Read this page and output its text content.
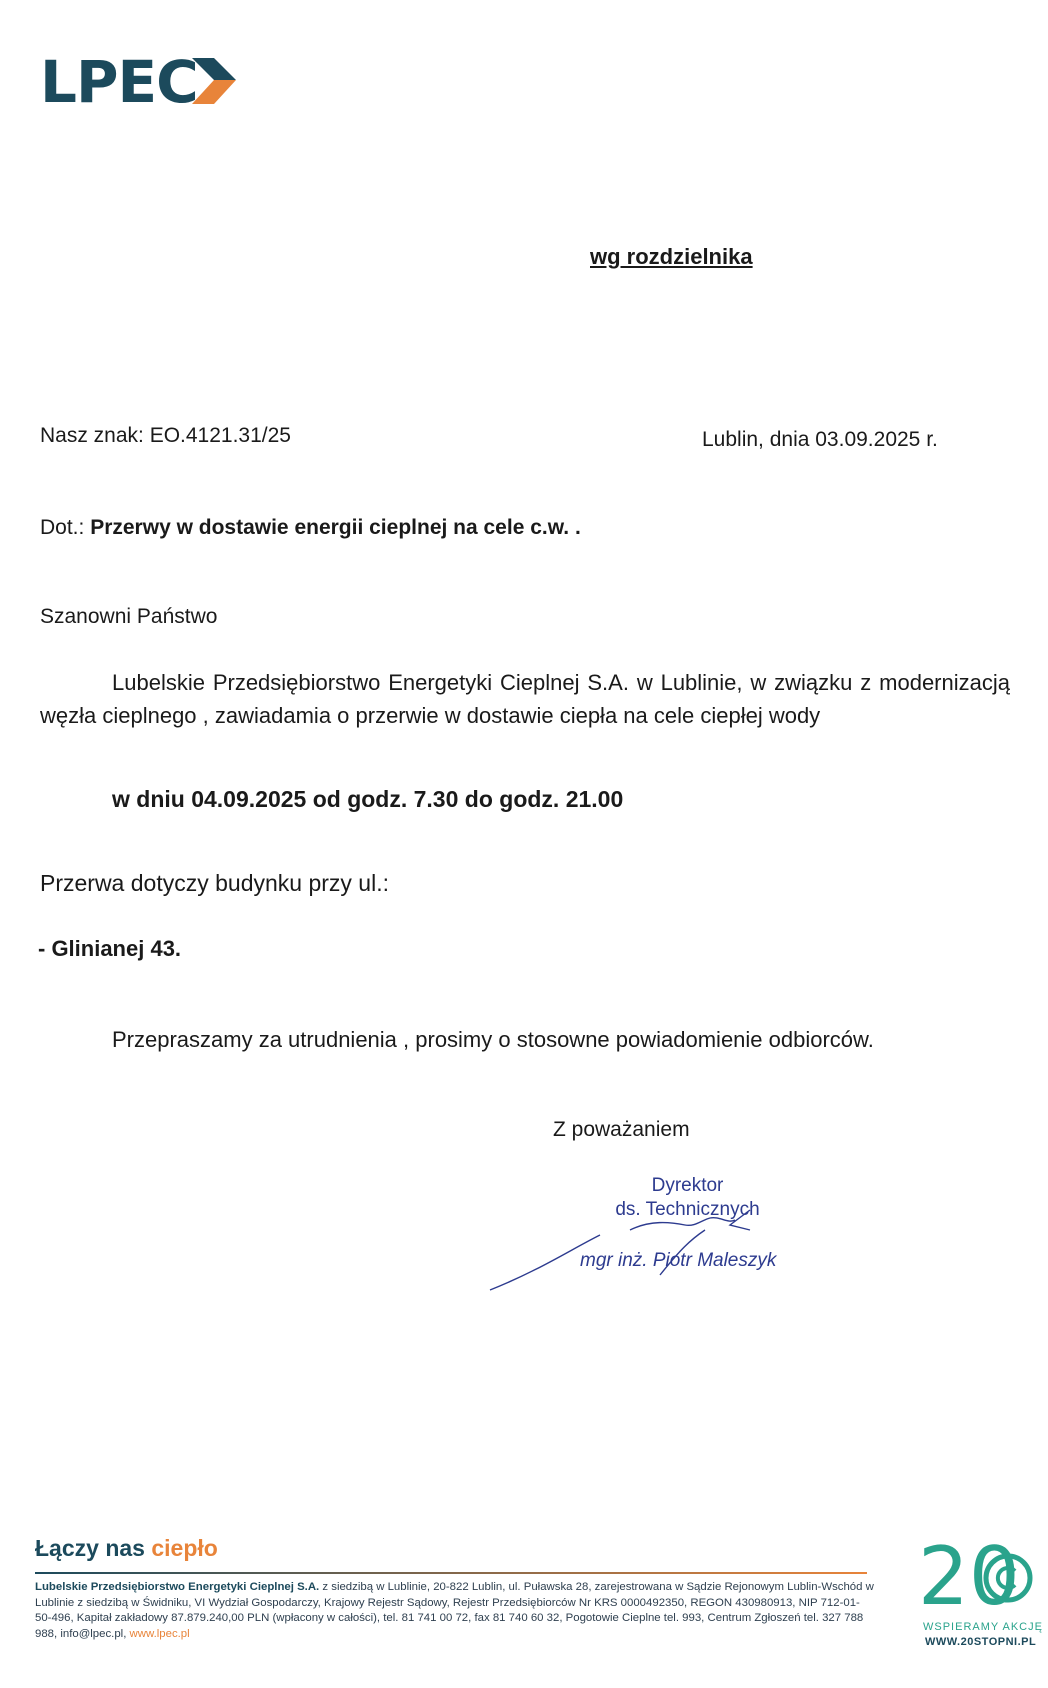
LPEC
wg rozdzielnika
Nasz znak: EO.4121.31/25	Lublin, dnia 03.09.2025 r.
Dot.: Przerwy w dostawie energii cieplnej na cele c.w. .
Szanowni Państwo
Lubelskie Przedsiębiorstwo Energetyki Cieplnej S.A. w Lublinie, w związku z modernizacją węzła cieplnego , zawiadamia o przerwie w dostawie ciepła na cele ciepłej wody
w dniu 04.09.2025 od godz. 7.30 do godz. 21.00
Przerwa dotyczy budynku przy ul.:
- Glinianej 43.
Przepraszamy za utrudnienia , prosimy o stosowne powiadomienie odbiorców.
Z poważaniem
Dyrektor
ds. Technicznych
mgr inż. Piotr Maleszyk
Łączy nas ciepło
Lubelskie Przedsiębiorstwo Energetyki Cieplnej S.A. z siedzibą w Lublinie, 20-822 Lublin, ul. Puławska 28, zarejestrowana w Sądzie Rejonowym Lublin-Wschód w Lublinie z siedzibą w Świdniku, VI Wydział Gospodarczy, Krajowy Rejestr Sądowy, Rejestr Przedsiębiorców Nr KRS 0000492350, REGON 430980913, NIP 712-01-50-496, Kapitał zakładowy 87.879.240,00 PLN (wpłacony w całości), tel. 81 741 00 72, fax 81 740 60 32, Pogotowie Cieplne tel. 993, Centrum Zgłoszeń tel. 327 788 988, info@lpec.pl, www.lpec.pl
20
WSPIERAMY AKCJĘ
WWW.20STOPNI.PL
